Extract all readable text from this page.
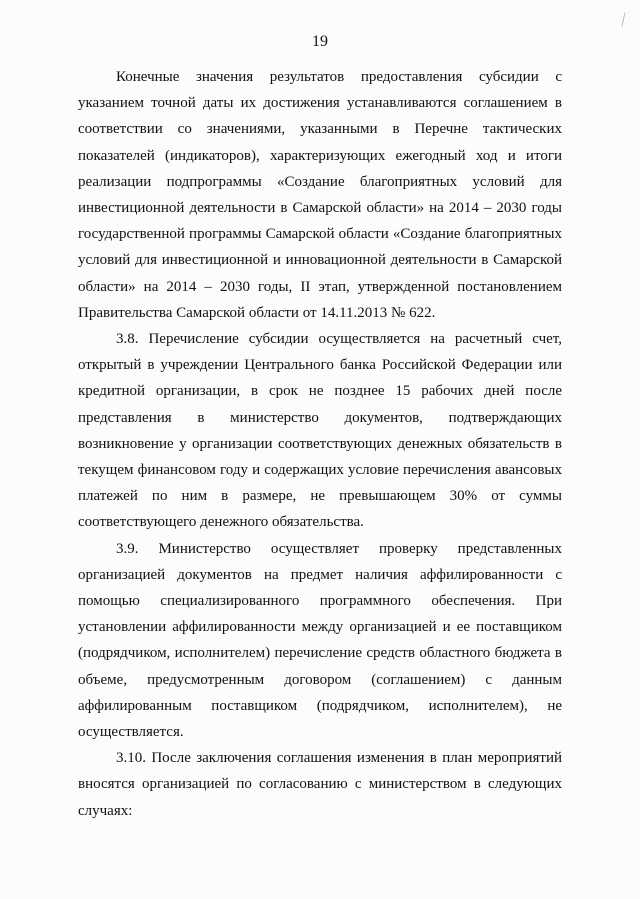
19

Конечные значения результатов предоставления субсидии с указанием точной даты их достижения устанавливаются соглашением в соответствии со значениями, указанными в Перечне тактических показателей (индикаторов), характеризующих ежегодный ход и итоги реализации подпрограммы «Создание благоприятных условий для инвестиционной деятельности в Самарской области» на 2014 – 2030 годы государственной программы Самарской области «Создание благоприятных условий для инвестиционной и инновационной деятельности в Самарской области» на 2014 – 2030 годы, II этап, утвержденной постановлением Правительства Самарской области от 14.11.2013 № 622.

3.8. Перечисление субсидии осуществляется на расчетный счет, открытый в учреждении Центрального банка Российской Федерации или кредитной организации, в срок не позднее 15 рабочих дней после представления в министерство документов, подтверждающих возникновение у организации соответствующих денежных обязательств в текущем финансовом году и содержащих условие перечисления авансовых платежей по ним в размере, не превышающем 30% от суммы соответствующего денежного обязательства.

3.9. Министерство осуществляет проверку представленных организацией документов на предмет наличия аффилированности с помощью специализированного программного обеспечения. При установлении аффилированности между организацией и ее поставщиком (подрядчиком, исполнителем) перечисление средств областного бюджета в объеме, предусмотренным договором (соглашением) с данным аффилированным поставщиком (подрядчиком, исполнителем), не осуществляется.

3.10. После заключения соглашения изменения в план мероприятий вносятся организацией по согласованию с министерством в следующих случаях:
